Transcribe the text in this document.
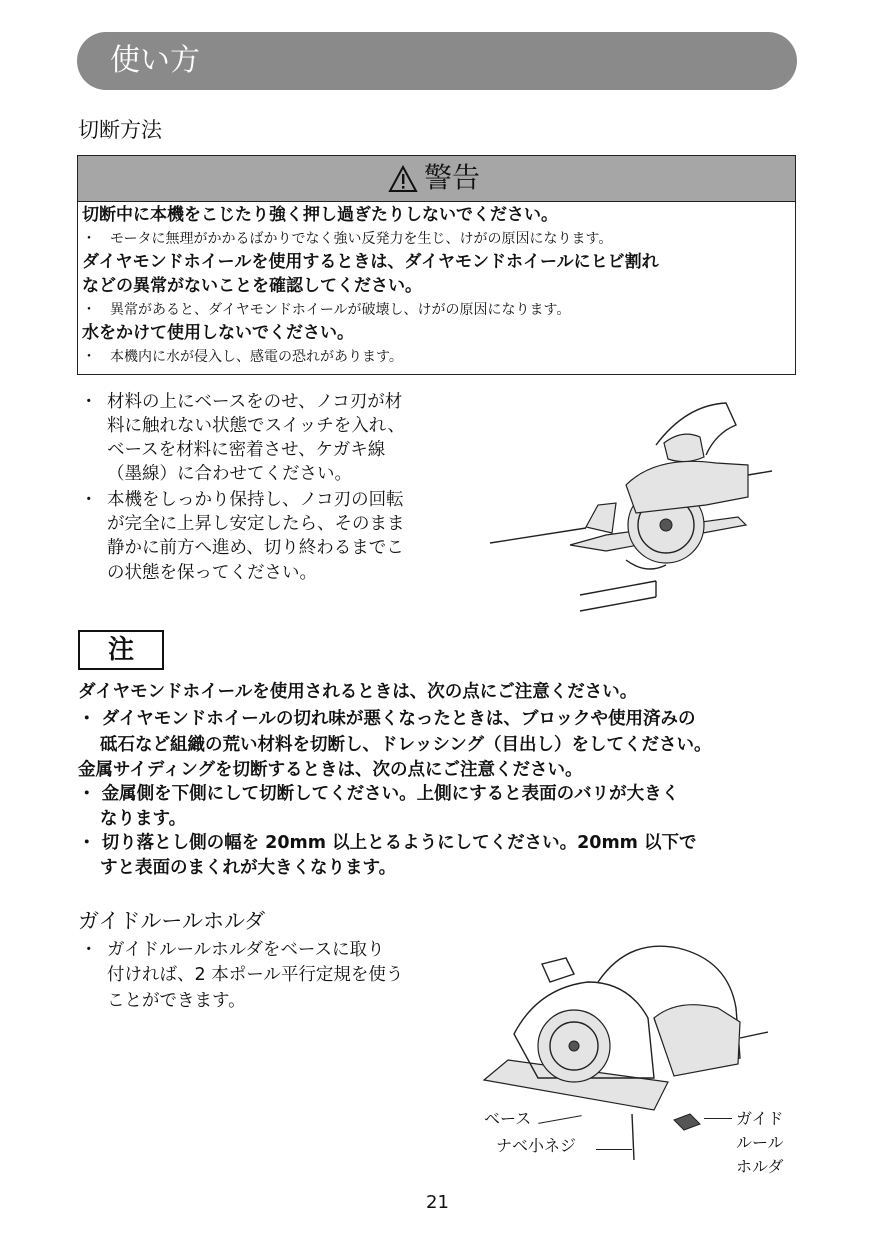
使い方
切断方法
警告
切断中に本機をこじたり強く押し過ぎたりしないでください。
・　モータに無理がかかるばかりでなく強い反発力を生じ、けがの原因になります。
ダイヤモンドホイールを使用するときは、ダイヤモンドホイールにヒビ割れ
などの異常がないことを確認してください。
・　異常があると、ダイヤモンドホイールが破壊し、けがの原因になります。
水をかけて使用しないでください。
・　本機内に水が侵入し、感電の恐れがあります。
・ 材料の上にベースをのせ、ノコ刃が材
料に触れない状態でスイッチを入れ、
ベースを材料に密着させ、ケガキ線
（墨線）に合わせてください。
・ 本機をしっかり保持し、ノコ刃の回転
が完全に上昇し安定したら、そのまま
静かに前方へ進め、切り終わるまでこ
の状態を保ってください。
注
ダイヤモンドホイールを使用されるときは、次の点にご注意ください。
・ ダイヤモンドホイールの切れ味が悪くなったときは、ブロックや使用済みの
砥石など組織の荒い材料を切断し、ドレッシング（目出し）をしてください。
金属サイディングを切断するときは、次の点にご注意ください。
・ 金属側を下側にして切断してください。上側にすると表面のバリが大きく
なります。
・ 切り落とし側の幅を 20mm 以上とるようにしてください。20mm 以下で
すと表面のまくれが大きくなります。
ガイドルールホルダ
・ ガイドルールホルダをベースに取り
付ければ、2 本ポール平行定規を使う
ことができます。
ベース
ナベ小ネジ
ガイド
ルール
ホルダ
21
